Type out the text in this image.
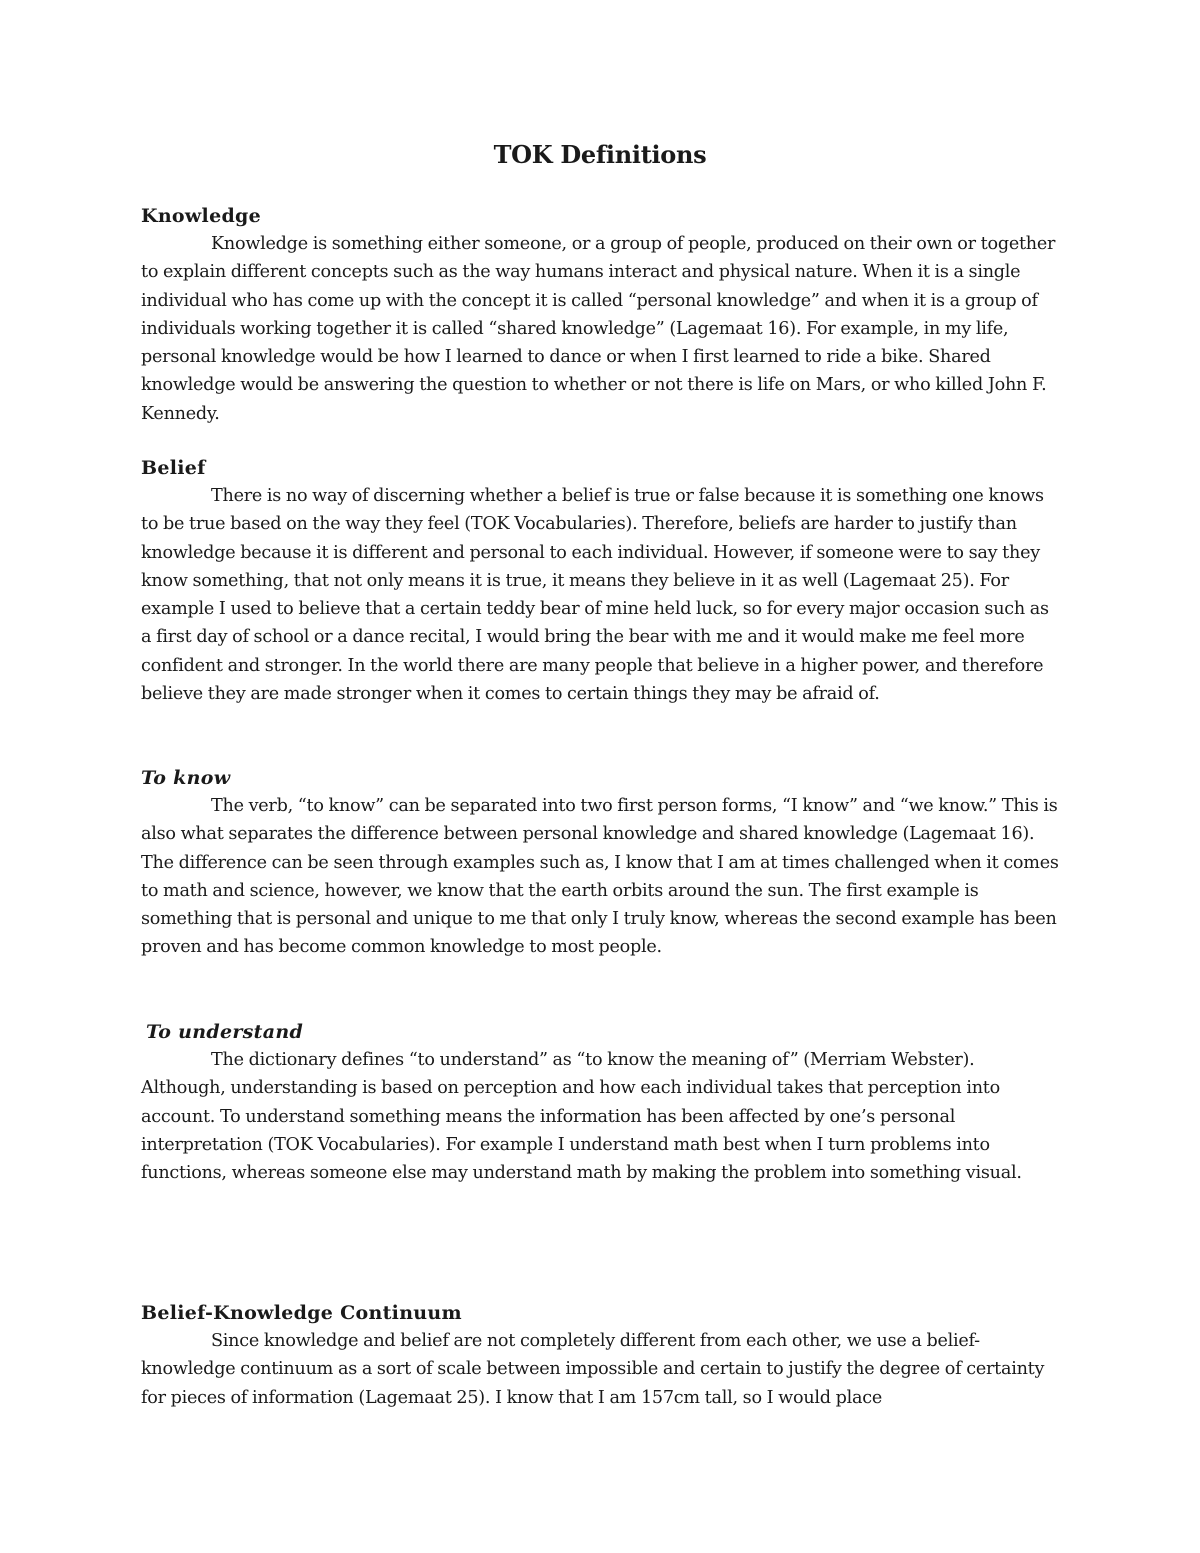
TOK Definitions
Knowledge

Knowledge is something either someone, or a group of people, produced on their own or together to explain different concepts such as the way humans interact and physical nature. When it is a single individual who has come up with the concept it is called “personal knowledge” and when it is a group of individuals working together it is called “shared knowledge” (Lagemaat 16). For example, in my life, personal knowledge would be how I learned to dance or when I first learned to ride a bike. Shared knowledge would be answering the question to whether or not there is life on Mars, or who killed John F. Kennedy.

Belief

There is no way of discerning whether a belief is true or false because it is something one knows to be true based on the way they feel (TOK Vocabularies). Therefore, beliefs are harder to justify than knowledge because it is different and personal to each individual. However, if someone were to say they know something, that not only means it is true, it means they believe in it as well (Lagemaat 25). For example I used to believe that a certain teddy bear of mine held luck, so for every major occasion such as a first day of school or a dance recital, I would bring the bear with me and it would make me feel more confident and stronger. In the world there are many people that believe in a higher power, and therefore believe they are made stronger when it comes to certain things they may be afraid of.

To know

The verb, “to know” can be separated into two first person forms, “I know” and “we know.” This is also what separates the difference between personal knowledge and shared knowledge (Lagemaat 16). The difference can be seen through examples such as, I know that I am at times challenged when it comes to math and science, however, we know that the earth orbits around the sun. The first example is something that is personal and unique to me that only I truly know, whereas the second example has been proven and has become common knowledge to most people.

To understand

The dictionary defines “to understand” as “to know the meaning of” (Merriam Webster). Although, understanding is based on perception and how each individual takes that perception into account. To understand something means the information has been affected by one’s personal interpretation (TOK Vocabularies). For example I understand math best when I turn problems into functions, whereas someone else may understand math by making the problem into something visual.

Belief-Knowledge Continuum

Since knowledge and belief are not completely different from each other, we use a belief-knowledge continuum as a sort of scale between impossible and certain to justify the degree of certainty for pieces of information (Lagemaat 25). I know that I am 157cm tall, so I would place
